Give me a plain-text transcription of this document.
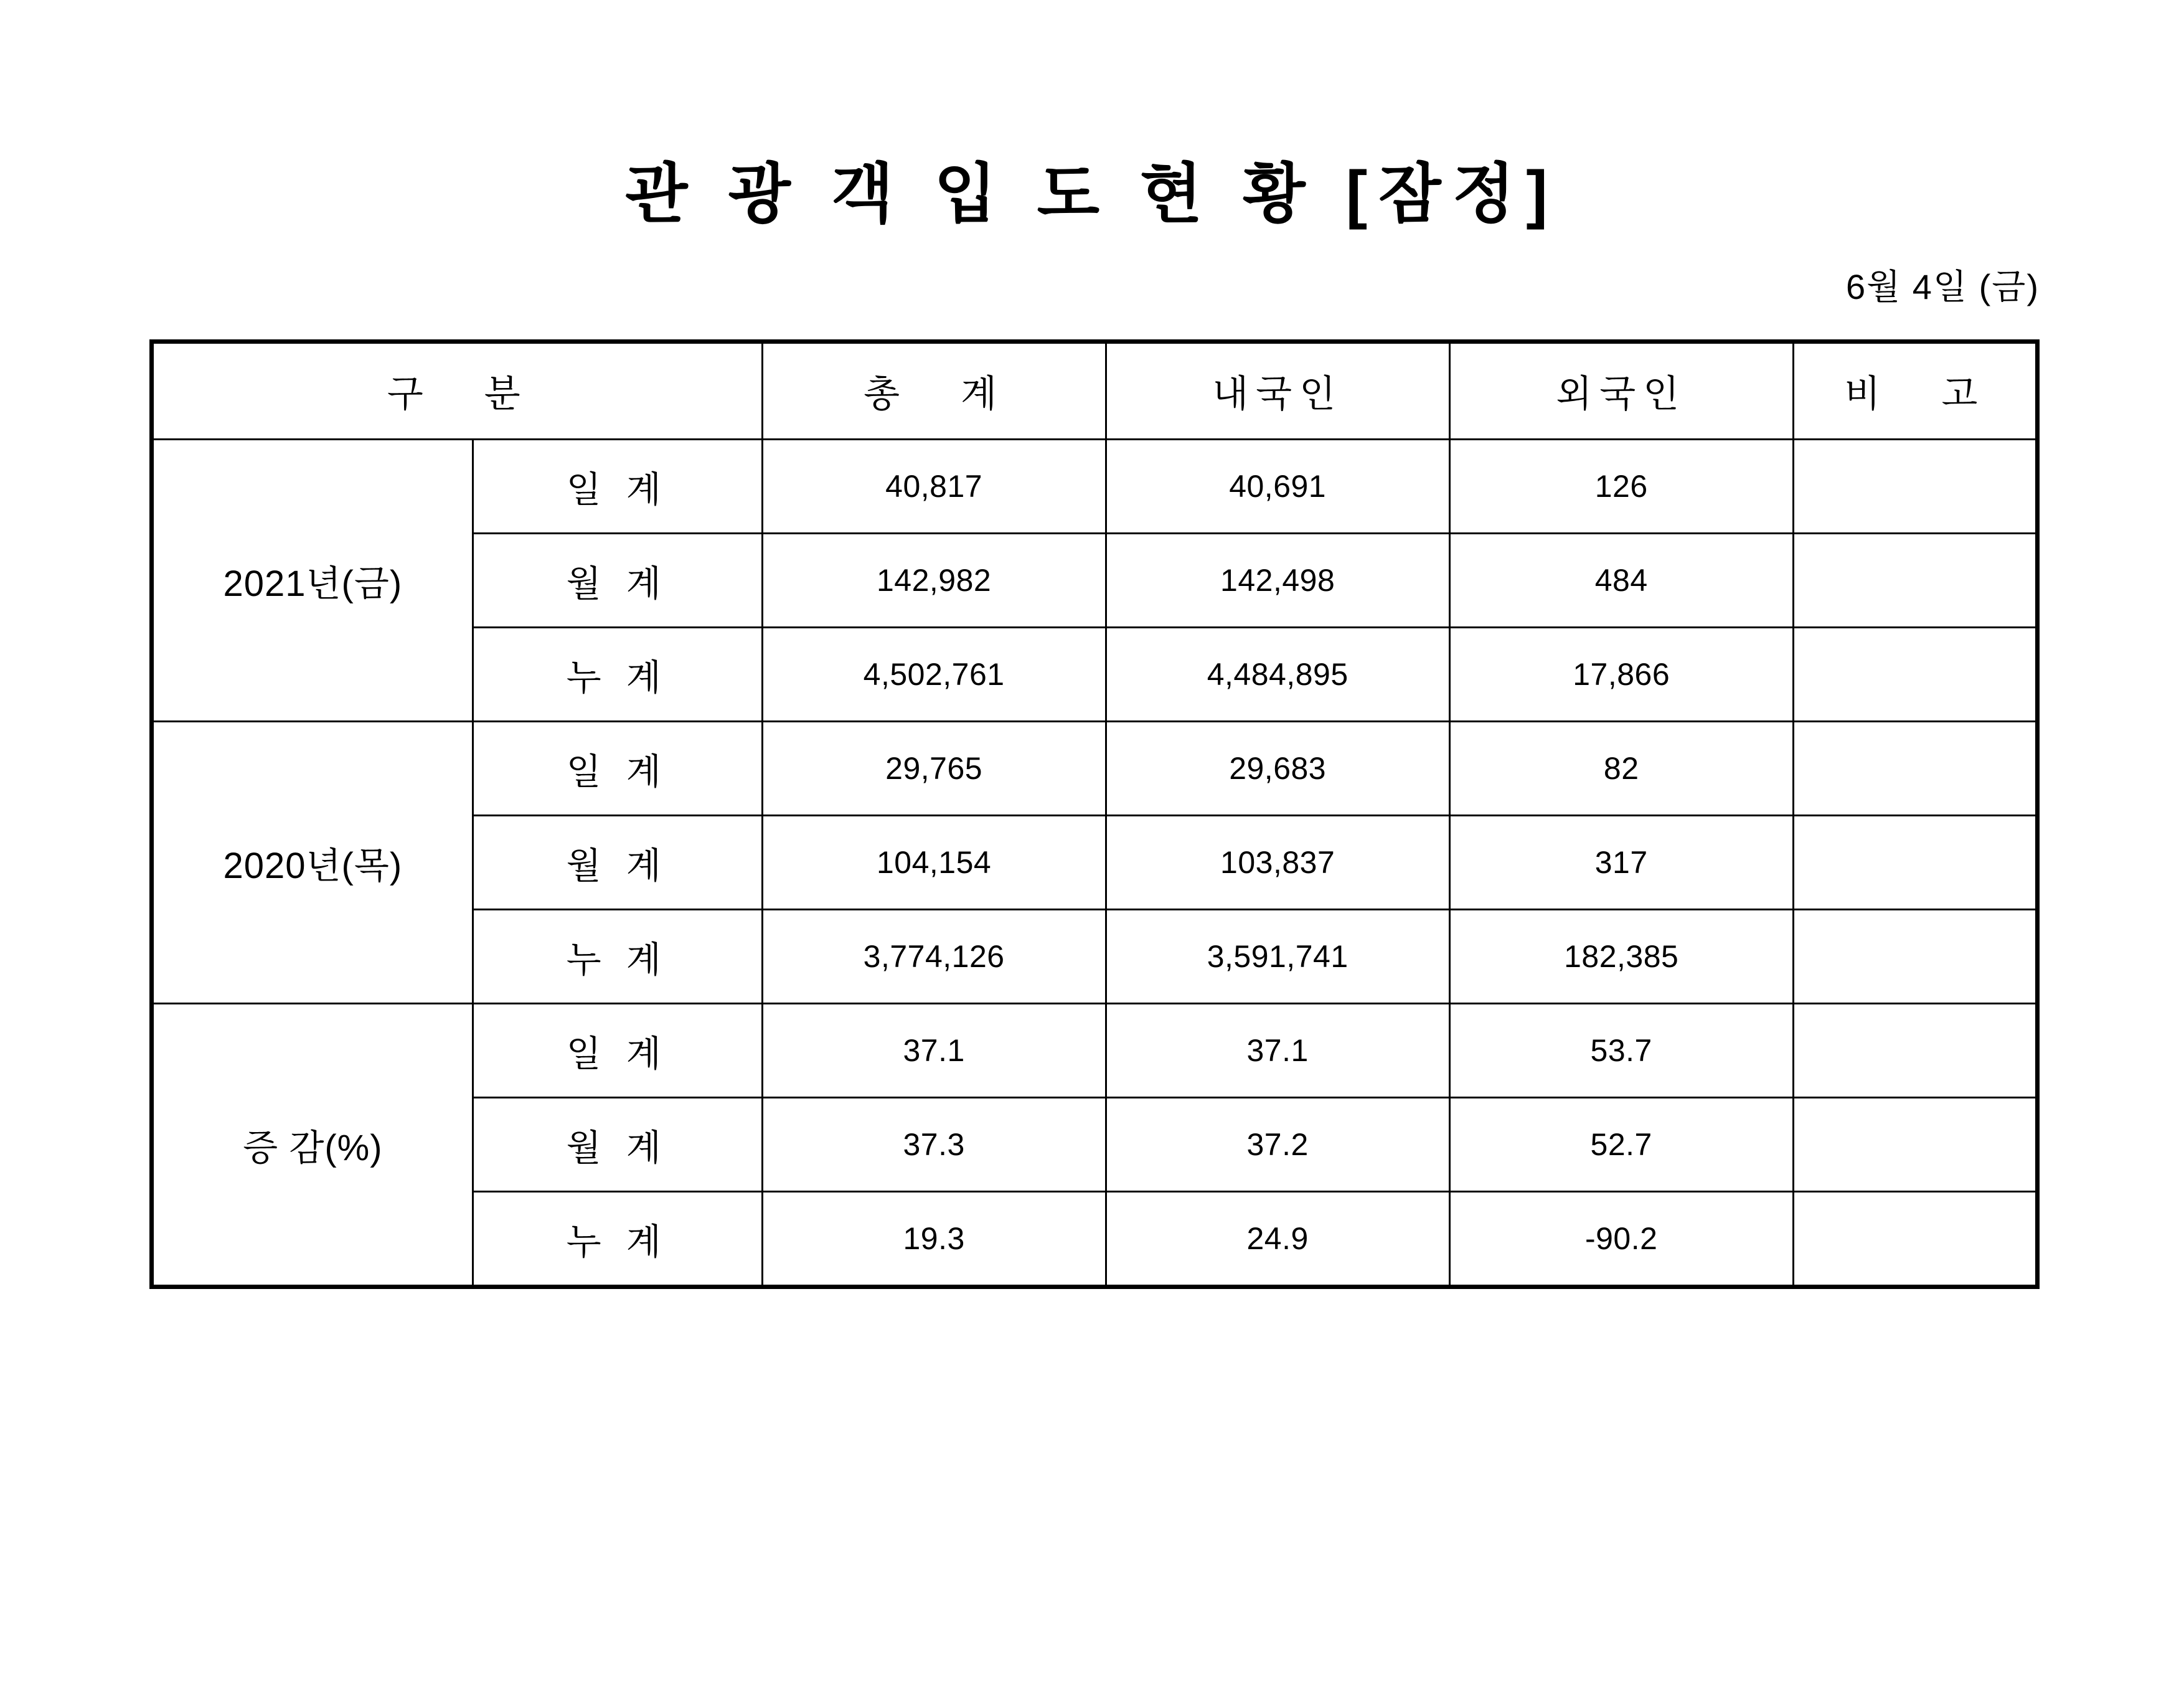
관 광 객 입 도 현 황 [잠정]
6월 4일 (금)
구   분		총   계	내국인	외국인	비   고
2021년(금)	일 계	40,817	40,691	126	
	월 계	142,982	142,498	484	
	누 계	4,502,761	4,484,895	17,866	
2020년(목)	일 계	29,765	29,683	82	
	월 계	104,154	103,837	317	
	누 계	3,774,126	3,591,741	182,385	
증 감(%)	일 계	37.1	37.1	53.7	
	월 계	37.3	37.2	52.7	
	누 계	19.3	24.9	-90.2	
